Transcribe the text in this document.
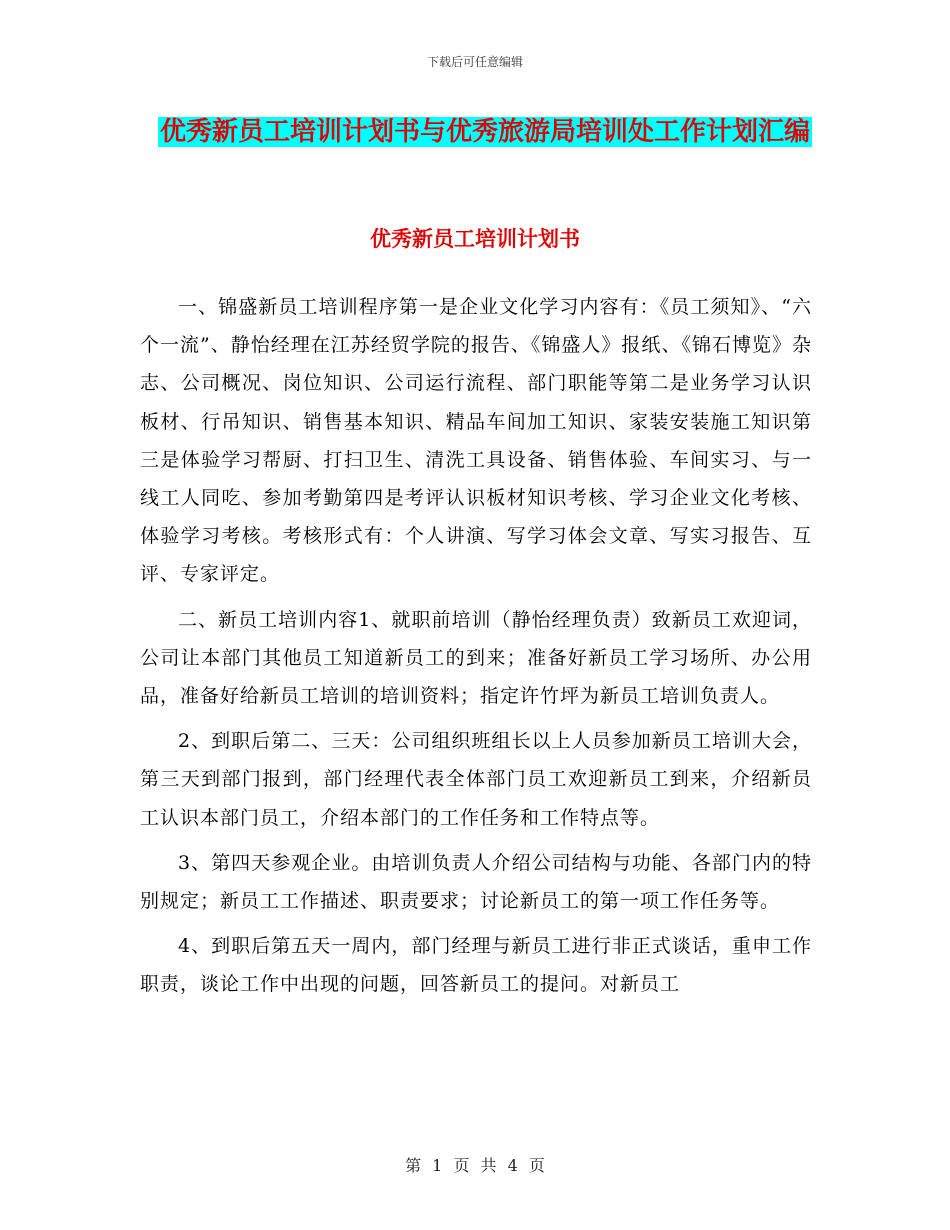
下载后可任意编辑
优秀新员工培训计划书与优秀旅游局培训处工作计划汇编
优秀新员工培训计划书

一、锦盛新员工培训程序第一是企业文化学习内容有：《员工须知》、“六个一流”、静怡经理在江苏经贸学院的报告、《锦盛人》报纸、《锦石博览》杂志、公司概况、岗位知识、公司运行流程、部门职能等第二是业务学习认识板材、行吊知识、销售基本知识、精品车间加工知识、家装安装施工知识第三是体验学习帮厨、打扫卫生、清洗工具设备、销售体验、车间实习、与一线工人同吃、参加考勤第四是考评认识板材知识考核、学习企业文化考核、体验学习考核。考核形式有：个人讲演、写学习体会文章、写实习报告、互评、专家评定。

二、新员工培训内容1、就职前培训（静怡经理负责）致新员工欢迎词，公司让本部门其他员工知道新员工的到来；准备好新员工学习场所、办公用品，准备好给新员工培训的培训资料；指定许竹坪为新员工培训负责人。

2、到职后第二、三天：公司组织班组长以上人员参加新员工培训大会，第三天到部门报到，部门经理代表全体部门员工欢迎新员工到来，介绍新员工认识本部门员工，介绍本部门的工作任务和工作特点等。

3、第四天参观企业。由培训负责人介绍公司结构与功能、各部门内的特别规定；新员工工作描述、职责要求；讨论新员工的第一项工作任务等。

4、到职后第五天一周内，部门经理与新员工进行非正式谈话，重申工作职责，谈论工作中出现的问题，回答新员工的提问。对新员工

第 1 页 共 4 页
